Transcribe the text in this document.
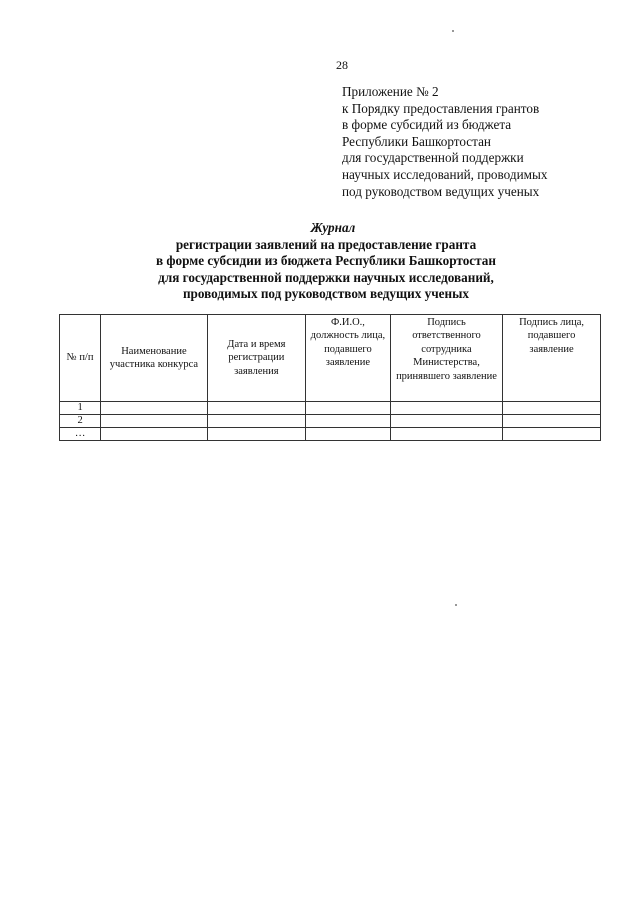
28
Приложение № 2
к Порядку предоставления грантов
в форме субсидий из бюджета
Республики Башкортостан
для государственной поддержки
научных исследований, проводимых
под руководством ведущих ученых
Журнал
регистрации заявлений на предоставление гранта
в форме субсидии из бюджета Республики Башкортостан
для государственной поддержки научных исследований,
проводимых под руководством ведущих ученых
№ п/п	Наименование участника конкурса	Дата и время регистрации заявления	Ф.И.О., должность лица, подавшего заявление	Подпись ответственного сотрудника Министерства, принявшего заявление	Подпись лица, подавшего заявление
1					
2					
…					
